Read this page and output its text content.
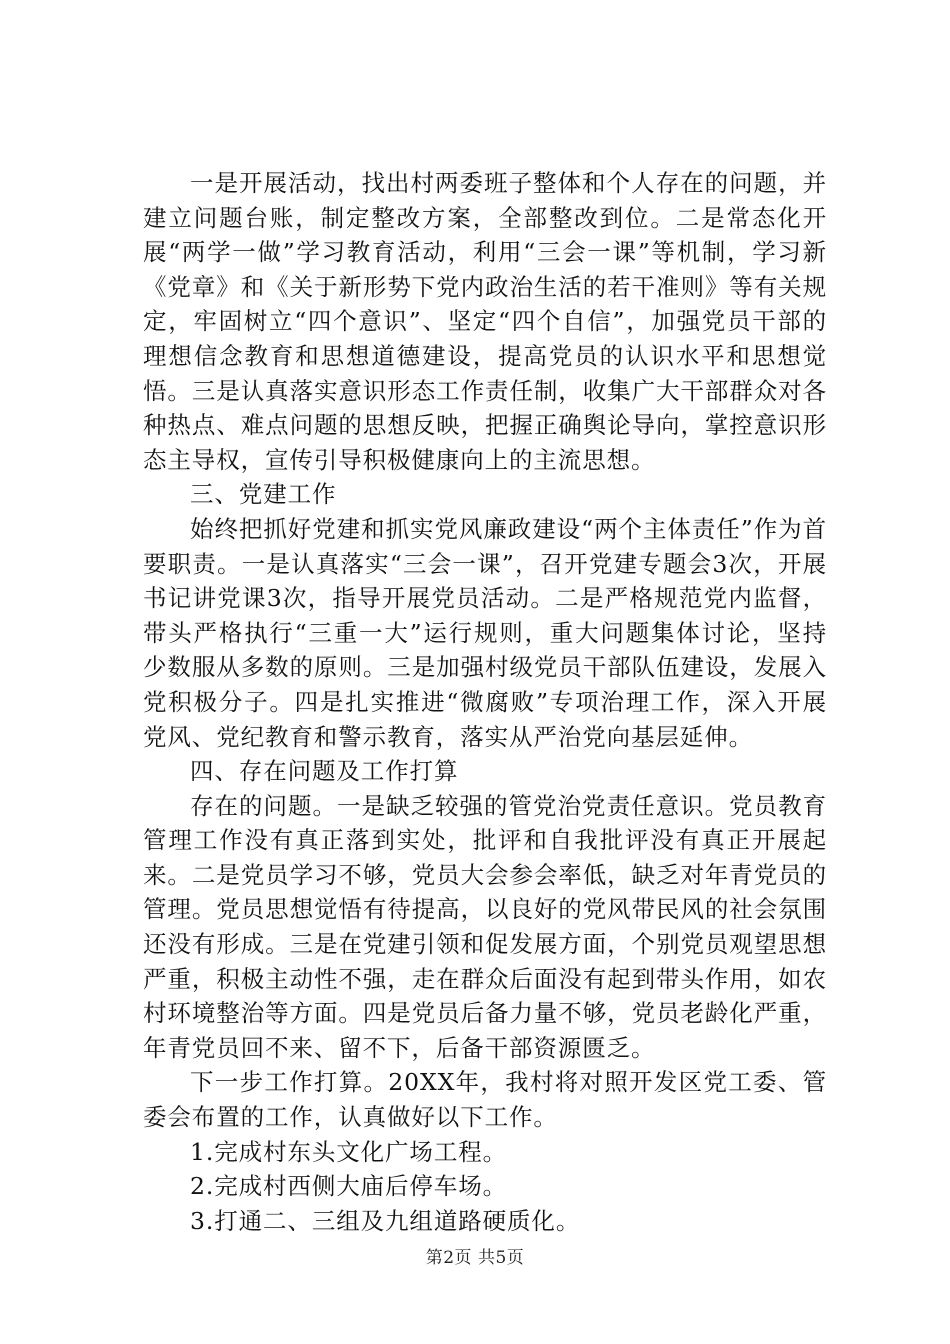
一是开展活动，找出村两委班子整体和个人存在的问题，并建立问题台账，制定整改方案，全部整改到位。二是常态化开展“两学一做”学习教育活动，利用“三会一课”等机制，学习新《党章》和《关于新形势下党内政治生活的若干准则》等有关规定，牢固树立“四个意识”、坚定“四个自信”，加强党员干部的理想信念教育和思想道德建设，提高党员的认识水平和思想觉悟。三是认真落实意识形态工作责任制，收集广大干部群众对各种热点、难点问题的思想反映，把握正确舆论导向，掌控意识形态主导权，宣传引导积极健康向上的主流思想。

三、党建工作

始终把抓好党建和抓实党风廉政建设“两个主体责任”作为首要职责。一是认真落实“三会一课”，召开党建专题会3次，开展书记讲党课3次，指导开展党员活动。二是严格规范党内监督，带头严格执行“三重一大”运行规则，重大问题集体讨论，坚持少数服从多数的原则。三是加强村级党员干部队伍建设，发展入党积极分子。四是扎实推进“微腐败”专项治理工作，深入开展党风、党纪教育和警示教育，落实从严治党向基层延伸。

四、存在问题及工作打算

存在的问题。一是缺乏较强的管党治党责任意识。党员教育管理工作没有真正落到实处，批评和自我批评没有真正开展起来。二是党员学习不够，党员大会参会率低，缺乏对年青党员的管理。党员思想觉悟有待提高，以良好的党风带民风的社会氛围还没有形成。三是在党建引领和促发展方面，个别党员观望思想严重，积极主动性不强，走在群众后面没有起到带头作用，如农村环境整治等方面。四是党员后备力量不够，党员老龄化严重，年青党员回不来、留不下，后备干部资源匮乏。

下一步工作打算。20XX年，我村将对照开发区党工委、管委会布置的工作，认真做好以下工作。

1.完成村东头文化广场工程。

2.完成村西侧大庙后停车场。

3.打通二、三组及九组道路硬质化。

第2页 共5页
